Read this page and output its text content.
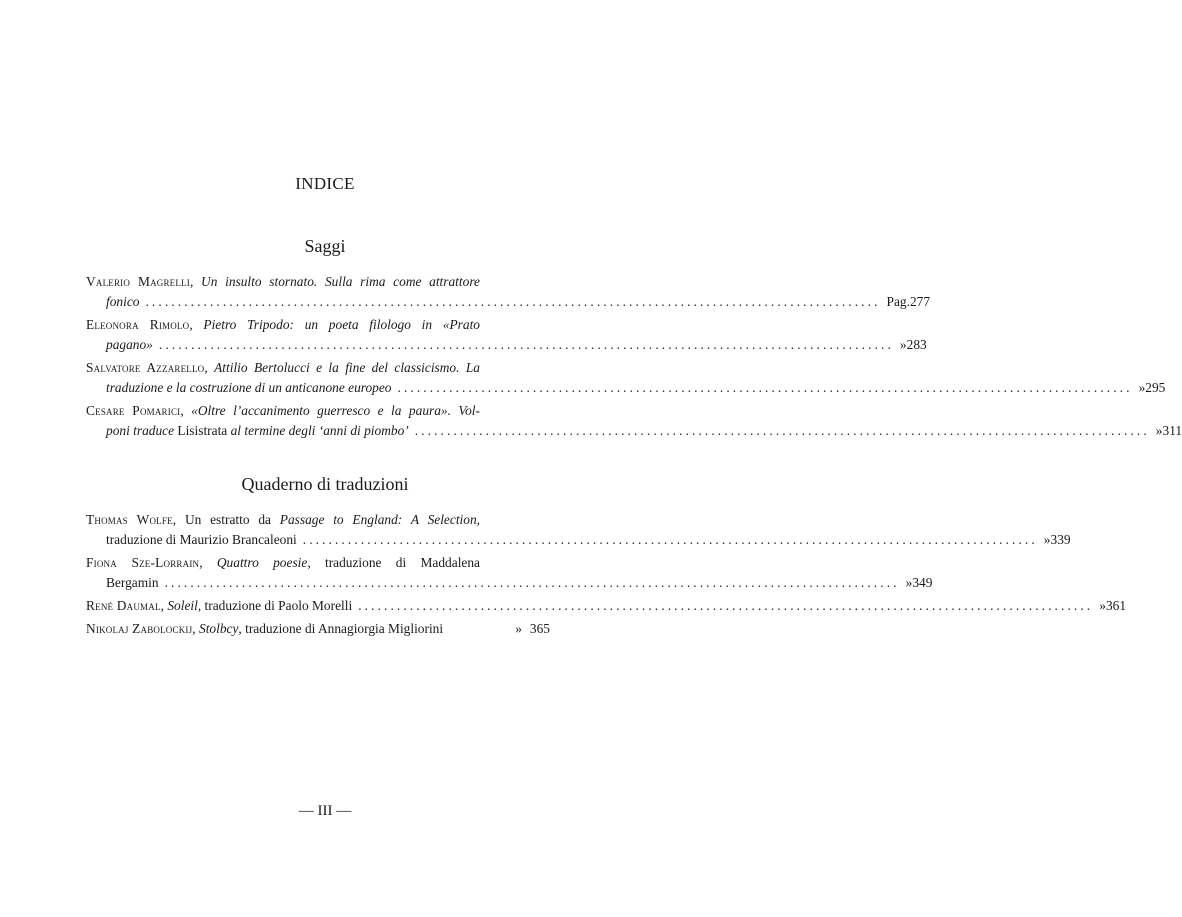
INDICE
Saggi
Valerio Magrelli, Un insulto stornato. Sulla rima come attrattore
fonico .................................................................................................................. Pag. 277
Eleonora Rimolo, Pietro Tripodo: un poeta filologo in «Prato
pagano» .................................................................................................................. » 283
Salvatore Azzarello, Attilio Bertolucci e la fine del classicismo. La
traduzione e la costruzione di un anticanone europeo .................................................................................................................. » 295
Cesare Pomarici, «Oltre l’accanimento guerresco e la paura». Vol-
poni traduce Lisistrata al termine degli ‘anni di piombo’ .................................................................................................................. » 311
Quaderno di traduzioni
Thomas Wolfe, Un estratto da Passage to England: A Selection,
traduzione di Maurizio Brancaleoni .................................................................................................................. » 339
Fiona Sze-Lorrain, Quattro poesie, traduzione di Maddalena
Bergamin .................................................................................................................. » 349
René Daumal, Soleil, traduzione di Paolo Morelli .................................................................................................................. » 361
Nikolaj Zabolockij, Stolbcy, traduzione di Annagiorgia Migliorini	» 365
— III —
